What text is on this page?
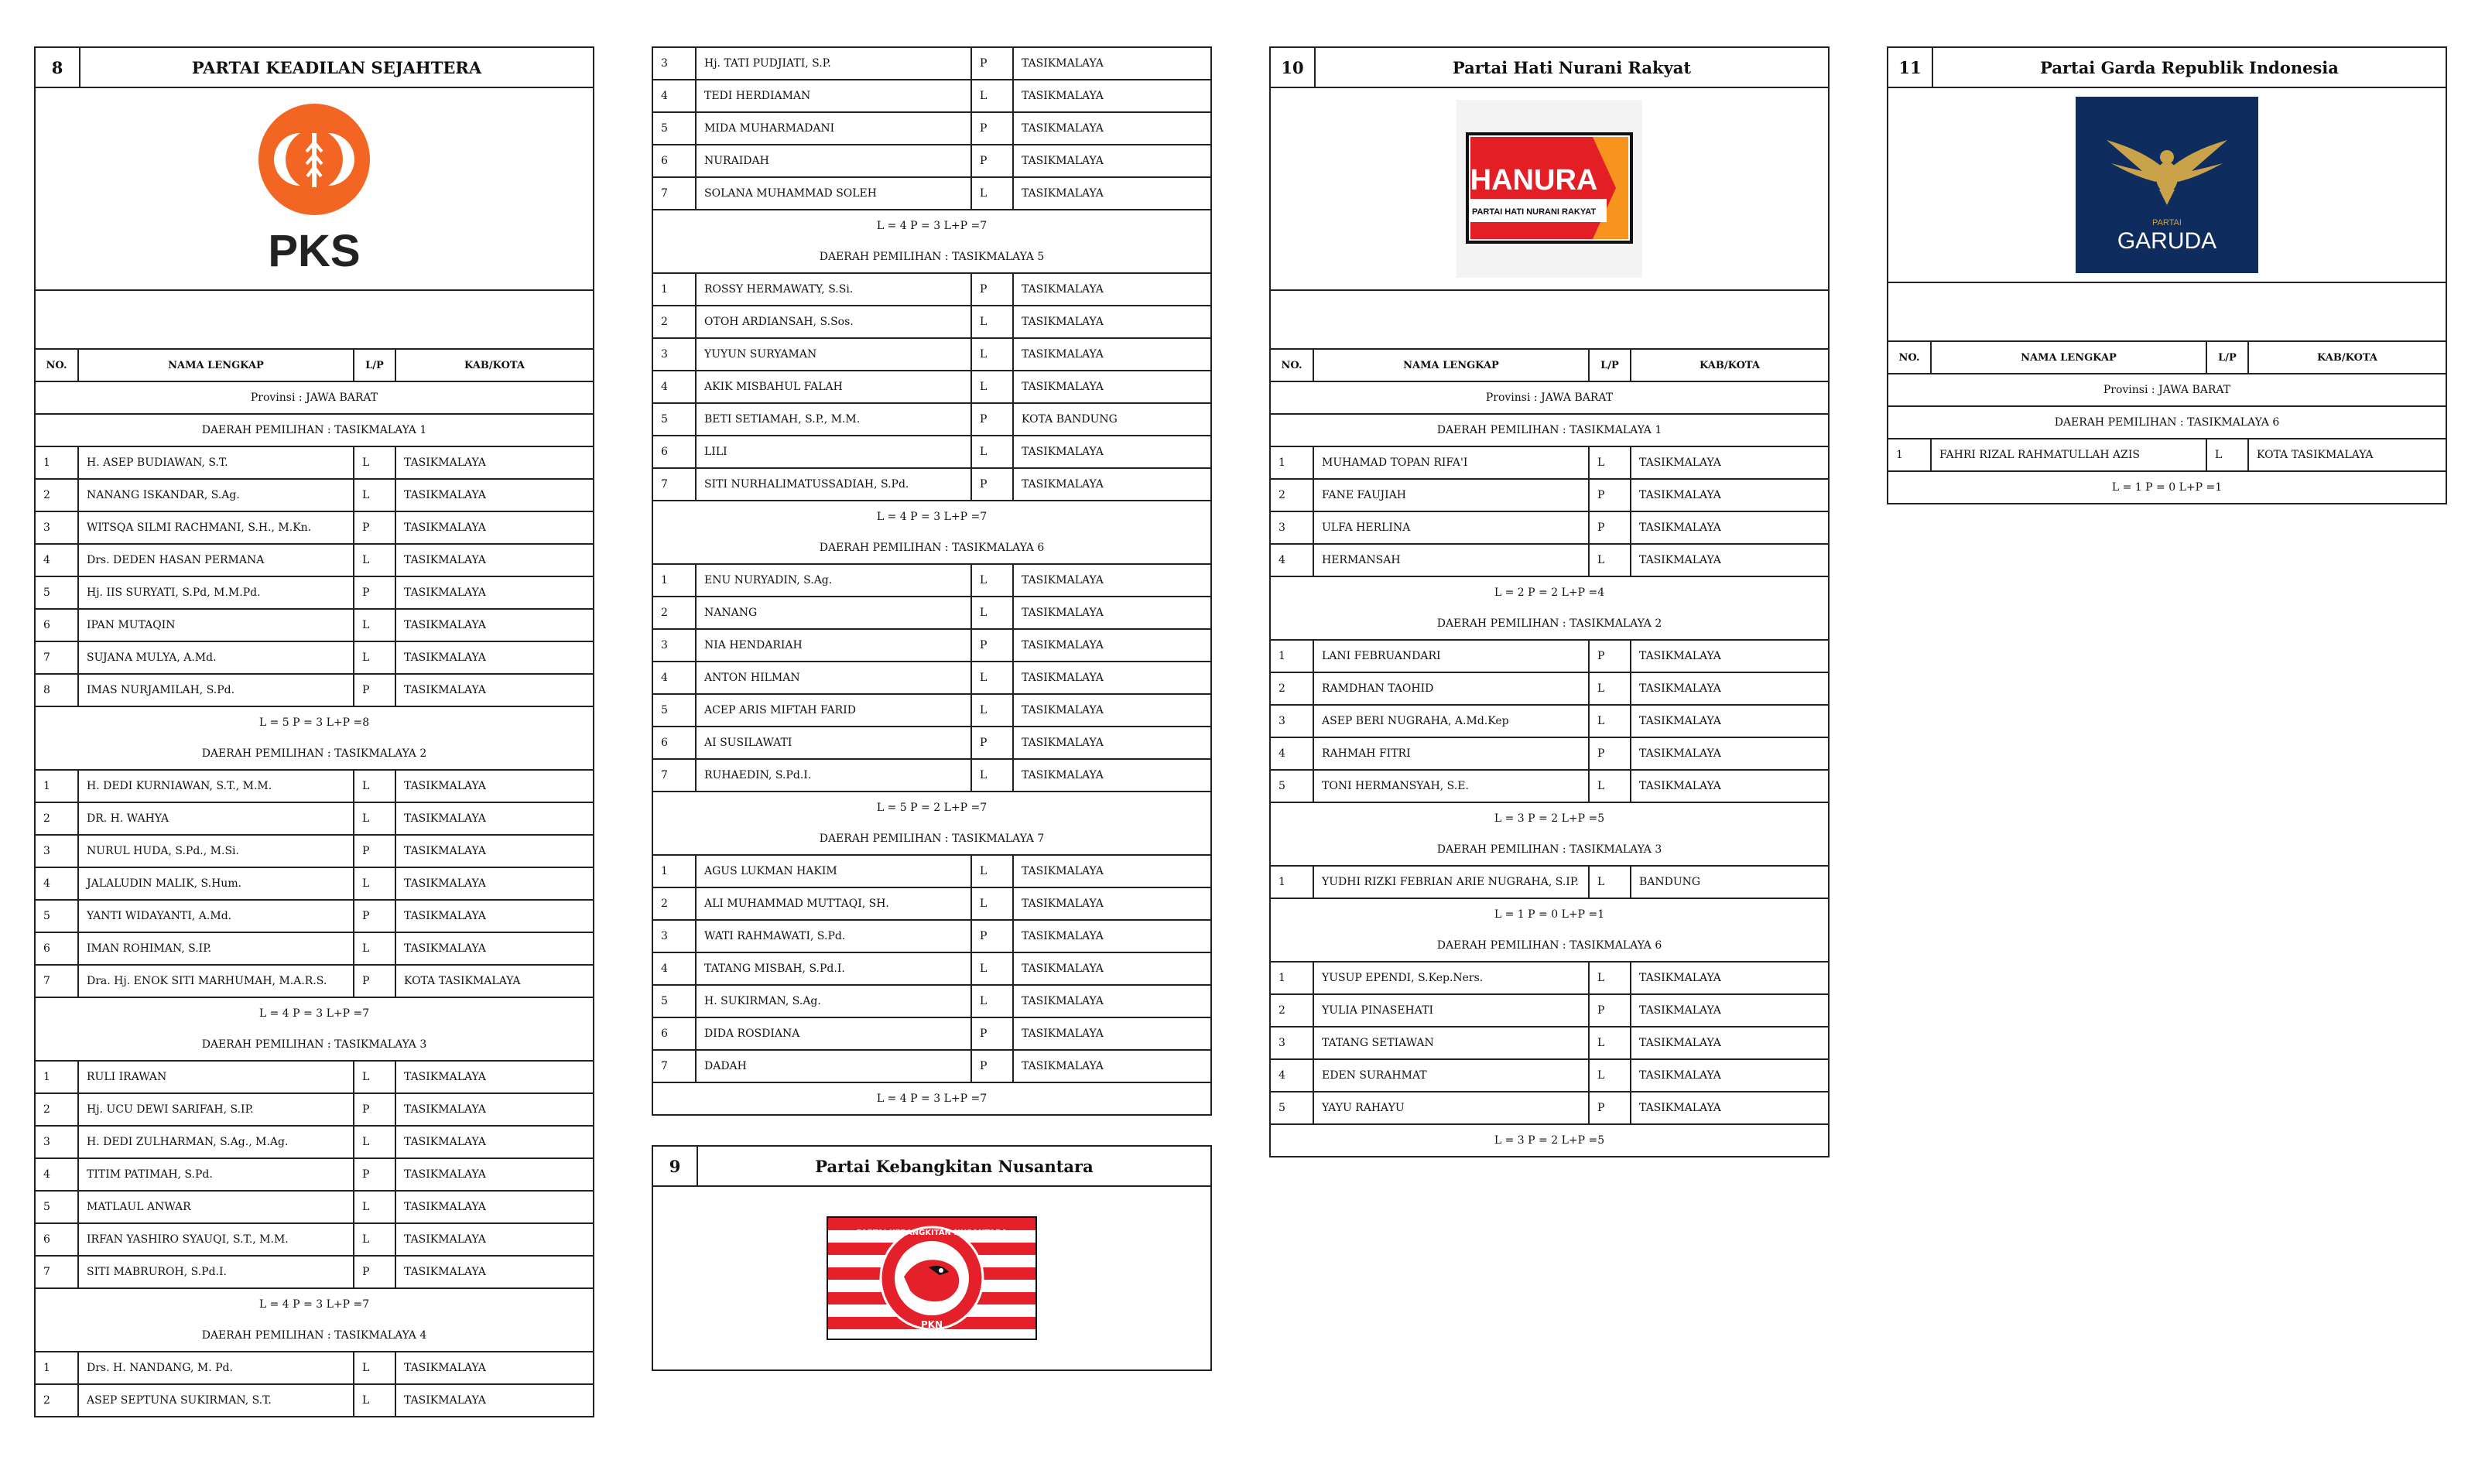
8	PARTAI KEADILAN SEJAHTERA
PKS
NO.	NAMA LENGKAP	L/P	KAB/KOTA
Provinsi : JAWA BARAT
DAERAH PEMILIHAN : TASIKMALAYA 1
1	H. ASEP BUDIAWAN, S.T.	L	TASIKMALAYA
2	NANANG ISKANDAR, S.Ag.	L	TASIKMALAYA
3	WITSQA SILMI RACHMANI, S.H., M.Kn.	P	TASIKMALAYA
4	Drs. DEDEN HASAN PERMANA	L	TASIKMALAYA
5	Hj. IIS SURYATI, S.Pd, M.M.Pd.	P	TASIKMALAYA
6	IPAN MUTAQIN	L	TASIKMALAYA
7	SUJANA MULYA, A.Md.	L	TASIKMALAYA
8	IMAS NURJAMILAH, S.Pd.	P	TASIKMALAYA
L = 5 P = 3 L+P =8
DAERAH PEMILIHAN : TASIKMALAYA 2
1	H. DEDI KURNIAWAN, S.T., M.M.	L	TASIKMALAYA
2	DR. H. WAHYA	L	TASIKMALAYA
3	NURUL HUDA, S.Pd., M.Si.	P	TASIKMALAYA
4	JALALUDIN MALIK, S.Hum.	L	TASIKMALAYA
5	YANTI WIDAYANTI, A.Md.	P	TASIKMALAYA
6	IMAN ROHIMAN, S.IP.	L	TASIKMALAYA
7	Dra. Hj. ENOK SITI MARHUMAH, M.A.R.S.	P	KOTA TASIKMALAYA
L = 4 P = 3 L+P =7
DAERAH PEMILIHAN : TASIKMALAYA 3
1	RULI IRAWAN	L	TASIKMALAYA
2	Hj. UCU DEWI SARIFAH, S.IP.	P	TASIKMALAYA
3	H. DEDI ZULHARMAN, S.Ag., M.Ag.	L	TASIKMALAYA
4	TITIM PATIMAH, S.Pd.	P	TASIKMALAYA
5	MATLAUL ANWAR	L	TASIKMALAYA
6	IRFAN YASHIRO SYAUQI, S.T., M.M.	L	TASIKMALAYA
7	SITI MABRUROH, S.Pd.I.	P	TASIKMALAYA
L = 4 P = 3 L+P =7
DAERAH PEMILIHAN : TASIKMALAYA 4
1	Drs. H. NANDANG, M. Pd.	L	TASIKMALAYA
2	ASEP SEPTUNA SUKIRMAN, S.T.	L	TASIKMALAYA
3	Hj. TATI PUDJIATI, S.P.	P	TASIKMALAYA
4	TEDI HERDIAMAN	L	TASIKMALAYA
5	MIDA MUHARMADANI	P	TASIKMALAYA
6	NURAIDAH	P	TASIKMALAYA
7	SOLANA MUHAMMAD SOLEH	L	TASIKMALAYA
L = 4 P = 3 L+P =7
DAERAH PEMILIHAN : TASIKMALAYA 5
1	ROSSY HERMAWATY, S.Si.	P	TASIKMALAYA
2	OTOH ARDIANSAH, S.Sos.	L	TASIKMALAYA
3	YUYUN SURYAMAN	L	TASIKMALAYA
4	AKIK MISBAHUL FALAH	L	TASIKMALAYA
5	BETI SETIAMAH, S.P., M.M.	P	KOTA BANDUNG
6	LILI	L	TASIKMALAYA
7	SITI NURHALIMATUSSADIAH, S.Pd.	P	TASIKMALAYA
L = 4 P = 3 L+P =7
DAERAH PEMILIHAN : TASIKMALAYA 6
1	ENU NURYADIN, S.Ag.	L	TASIKMALAYA
2	NANANG	L	TASIKMALAYA
3	NIA HENDARIAH	P	TASIKMALAYA
4	ANTON HILMAN	L	TASIKMALAYA
5	ACEP ARIS MIFTAH FARID	L	TASIKMALAYA
6	AI SUSILAWATI	P	TASIKMALAYA
7	RUHAEDIN, S.Pd.I.	L	TASIKMALAYA
L = 5 P = 2 L+P =7
DAERAH PEMILIHAN : TASIKMALAYA 7
1	AGUS LUKMAN HAKIM	L	TASIKMALAYA
2	ALI MUHAMMAD MUTTAQI, SH.	L	TASIKMALAYA
3	WATI RAHMAWATI, S.Pd.	P	TASIKMALAYA
4	TATANG MISBAH, S.Pd.I.	L	TASIKMALAYA
5	H. SUKIRMAN, S.Ag.	L	TASIKMALAYA
6	DIDA ROSDIANA	P	TASIKMALAYA
7	DADAH	P	TASIKMALAYA
L = 4 P = 3 L+P =7
9	Partai Kebangkitan Nusantara
PARTAI KEBANGKITAN NUSANTARA
PKN
10	Partai Hati Nurani Rakyat
HANURA
PARTAI HATI NURANI RAKYAT
NO.	NAMA LENGKAP	L/P	KAB/KOTA
Provinsi : JAWA BARAT
DAERAH PEMILIHAN : TASIKMALAYA 1
1	MUHAMAD TOPAN RIFA'I	L	TASIKMALAYA
2	FANE FAUJIAH	P	TASIKMALAYA
3	ULFA HERLINA	P	TASIKMALAYA
4	HERMANSAH	L	TASIKMALAYA
L = 2 P = 2 L+P =4
DAERAH PEMILIHAN : TASIKMALAYA 2
1	LANI FEBRUANDARI	P	TASIKMALAYA
2	RAMDHAN TAOHID	L	TASIKMALAYA
3	ASEP BERI NUGRAHA, A.Md.Kep	L	TASIKMALAYA
4	RAHMAH FITRI	P	TASIKMALAYA
5	TONI HERMANSYAH, S.E.	L	TASIKMALAYA
L = 3 P = 2 L+P =5
DAERAH PEMILIHAN : TASIKMALAYA 3
1	YUDHI RIZKI FEBRIAN ARIE NUGRAHA, S.IP.	L	BANDUNG
L = 1 P = 0 L+P =1
DAERAH PEMILIHAN : TASIKMALAYA 6
1	YUSUP EPENDI, S.Kep.Ners.	L	TASIKMALAYA
2	YULIA PINASEHATI	P	TASIKMALAYA
3	TATANG SETIAWAN	L	TASIKMALAYA
4	EDEN SURAHMAT	L	TASIKMALAYA
5	YAYU RAHAYU	P	TASIKMALAYA
L = 3 P = 2 L+P =5
11	Partai Garda Republik Indonesia
PARTAI
GARUDA
NO.	NAMA LENGKAP	L/P	KAB/KOTA
Provinsi : JAWA BARAT
DAERAH PEMILIHAN : TASIKMALAYA 6
1	FAHRI RIZAL RAHMATULLAH AZIS	L	KOTA TASIKMALAYA
L = 1 P = 0 L+P =1
